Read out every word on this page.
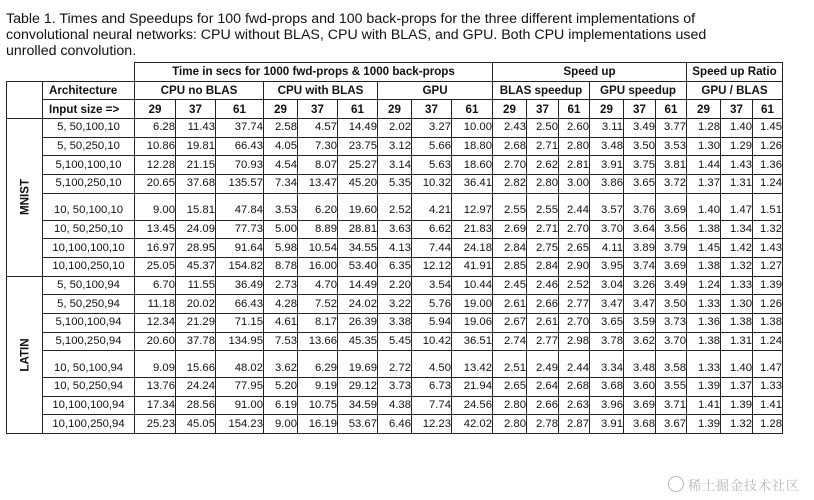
Table 1. Times and Speedups for 100 fwd-props and 100 back-props for the three different implementations of

convolutional neural networks: CPU without BLAS, CPU with BLAS, and GPU. Both CPU implementations used

unrolled convolution.

		Time in secs for 1000 fwd-props & 1000 back-props									Speed up						Speed up Ratio		
	Architecture	CPU no BLAS			CPU with BLAS			GPU			BLAS speedup			GPU speedup			GPU / BLAS		
	Input size =>	29	37	61	29	37	61	29	37	61	29	37	61	29	37	61	29	37	61

MNIST	5, 50,100,10	6.28	11.43	37.74	2.58	4.57	14.49	2.02	3.27	10.00	2.43	2.50	2.60	3.11	3.49	3.77	1.28	1.40	1.45
	5, 50,250,10	10.86	19.81	66.43	4.05	7.30	23.75	3.12	5.66	18.80	2.68	2.71	2.80	3.48	3.50	3.53	1.30	1.29	1.26
	5,100,100,10	12.28	21.15	70.93	4.54	8.07	25.27	3.14	5.63	18.60	2.70	2.62	2.81	3.91	3.75	3.81	1.44	1.43	1.36
	5,100,250,10	20.65	37.68	135.57	7.34	13.47	45.20	5.35	10.32	36.41	2.82	2.80	3.00	3.86	3.65	3.72	1.37	1.31	1.24
	10, 50,100,10	9.00	15.81	47.84	3.53	6.20	19.60	2.52	4.21	12.97	2.55	2.55	2.44	3.57	3.76	3.69	1.40	1.47	1.51
	10, 50,250,10	13.45	24.09	77.73	5.00	8.89	28.81	3.63	6.62	21.83	2.69	2.71	2.70	3.70	3.64	3.56	1.38	1.34	1.32
	10,100,100,10	16.97	28.95	91.64	5.98	10.54	34.55	4.13	7.44	24.18	2.84	2.75	2.65	4.11	3.89	3.79	1.45	1.42	1.43
	10,100,250,10	25.05	45.37	154.82	8.78	16.00	53.40	6.35	12.12	41.91	2.85	2.84	2.90	3.95	3.74	3.69	1.38	1.32	1.27

LATIN	5, 50,100,94	6.70	11.55	36.49	2.73	4.70	14.49	2.20	3.54	10.44	2.45	2.46	2.52	3.04	3.26	3.49	1.24	1.33	1.39
	5, 50,250,94	11.18	20.02	66.43	4.28	7.52	24.02	3.22	5.76	19.00	2.61	2.66	2.77	3.47	3.47	3.50	1.33	1.30	1.26
	5,100,100,94	12.34	21.29	71.15	4.61	8.17	26.39	3.38	5.94	19.06	2.67	2.61	2.70	3.65	3.59	3.73	1.36	1.38	1.38
	5,100,250,94	20.60	37.78	134.95	7.53	13.66	45.35	5.45	10.42	36.51	2.74	2.77	2.98	3.78	3.62	3.70	1.38	1.31	1.24
	10, 50,100,94	9.09	15.66	48.02	3.62	6.29	19.69	2.72	4.50	13.42	2.51	2.49	2.44	3.34	3.48	3.58	1.33	1.40	1.47
	10, 50,250,94	13.76	24.24	77.95	5.20	9.19	29.12	3.73	6.73	21.94	2.65	2.64	2.68	3.68	3.60	3.55	1.39	1.37	1.33
	10,100,100,94	17.34	28.56	91.00	6.19	10.75	34.59	4.38	7.74	24.56	2.80	2.66	2.63	3.96	3.69	3.71	1.41	1.39	1.41
	10,100,250,94	25.23	45.05	154.23	9.00	16.19	53.67	6.46	12.23	42.02	2.80	2.78	2.87	3.91	3.68	3.67	1.39	1.32	1.28
稀土掘金技术社区
